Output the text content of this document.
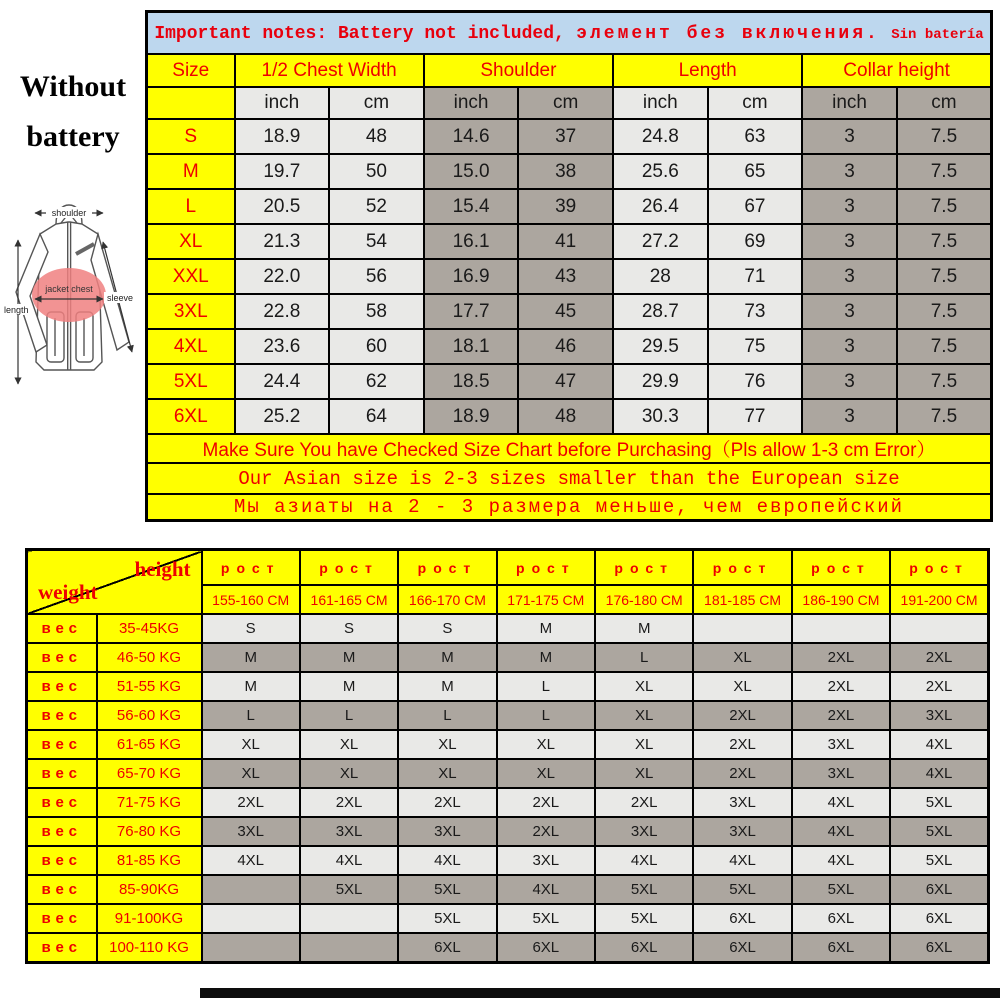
Without
battery
shoulder
length
jacket chest
sleeve
Important notes: Battery not included, элемент без включения. Sin batería								
Size	1/2 Chest Width		Shoulder		Length		Collar height	
	inch	cm	inch	cm	inch	cm	inch	cm
S	18.9	48	14.6	37	24.8	63	3	7.5
M	19.7	50	15.0	38	25.6	65	3	7.5
L	20.5	52	15.4	39	26.4	67	3	7.5
XL	21.3	54	16.1	41	27.2	69	3	7.5
XXL	22.0	56	16.9	43	28	71	3	7.5
3XL	22.8	58	17.7	45	28.7	73	3	7.5
4XL	23.6	60	18.1	46	29.5	75	3	7.5
5XL	24.4	62	18.5	47	29.9	76	3	7.5
6XL	25.2	64	18.9	48	30.3	77	3	7.5
Make Sure You have Checked Size Chart before Purchasing（Pls allow 1-3 cm Error）								
Our Asian size is 2-3 sizes smaller than the European size								
Мы азиаты на 2 - 3 размера меньше, чем европейский								
height
weight		рост	рост	рост	рост	рост	рост	рост	рост
		155-160 CM	161-165 CM	166-170 CM	171-175 CM	176-180 CM	181-185 CM	186-190 CM	191-200 CM
вес	35-45KG	S	S	S	M	M			
вес	46-50 KG	M	M	M	M	L	XL	2XL	2XL
вес	51-55 KG	M	M	M	L	XL	XL	2XL	2XL
вес	56-60 KG	L	L	L	L	XL	2XL	2XL	3XL
вес	61-65 KG	XL	XL	XL	XL	XL	2XL	3XL	4XL
вес	65-70 KG	XL	XL	XL	XL	XL	2XL	3XL	4XL
вес	71-75 KG	2XL	2XL	2XL	2XL	2XL	3XL	4XL	5XL
вес	76-80 KG	3XL	3XL	3XL	2XL	3XL	3XL	4XL	5XL
вес	81-85 KG	4XL	4XL	4XL	3XL	4XL	4XL	4XL	5XL
вес	85-90KG		5XL	5XL	4XL	5XL	5XL	5XL	6XL
вес	91-100KG			5XL	5XL	5XL	6XL	6XL	6XL
вес	100-110 KG			6XL	6XL	6XL	6XL	6XL	6XL
